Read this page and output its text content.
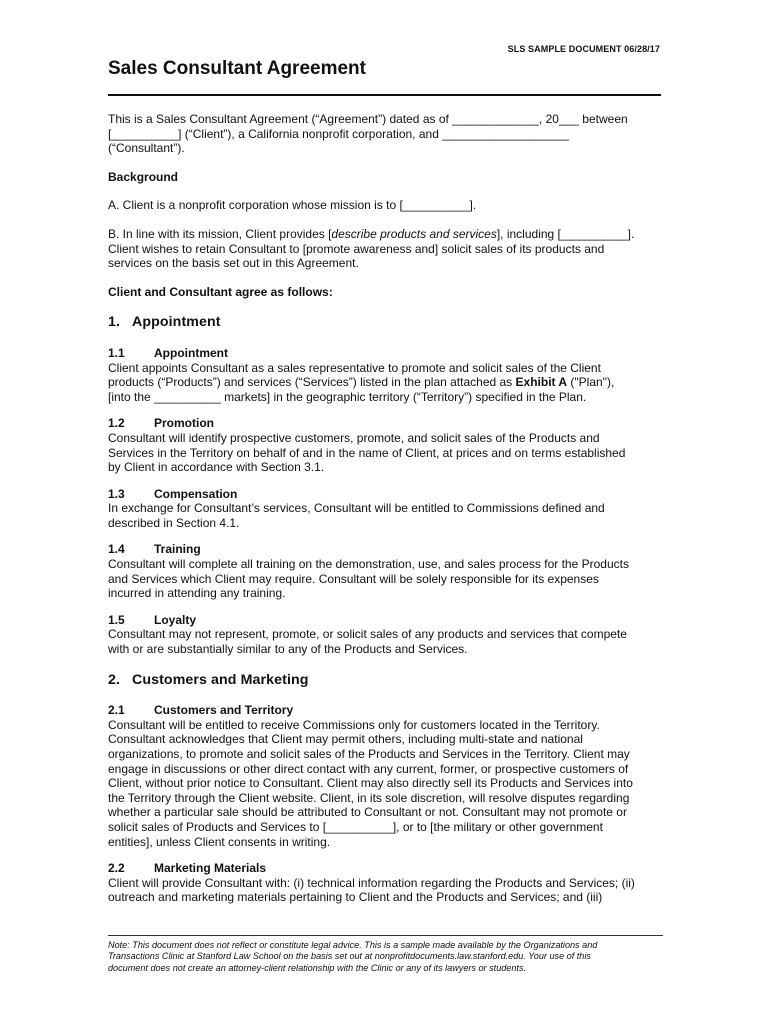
SLS SAMPLE DOCUMENT 06/28/17
Sales Consultant Agreement

This is a Sales Consultant Agreement (“Agreement”) dated as of _____________, 20___ between

[__________] (“Client”), a California nonprofit corporation, and ___________________

(“Consultant”).

Background

A. Client is a nonprofit corporation whose mission is to [__________].

B. In line with its mission, Client provides [describe products and services], including [__________].

Client wishes to retain Consultant to [promote awareness and] solicit sales of its products and

services on the basis set out in this Agreement.

Client and Consultant agree as follows:

1. Appointment

1.1 Appointment

Client appoints Consultant as a sales representative to promote and solicit sales of the Client

products (“Products”) and services (“Services”) listed in the plan attached as Exhibit A ("Plan"),

[into the __________ markets] in the geographic territory (“Territory”) specified in the Plan.

1.2 Promotion

Consultant will identify prospective customers, promote, and solicit sales of the Products and

Services in the Territory on behalf of and in the name of Client, at prices and on terms established

by Client in accordance with Section 3.1.

1.3 Compensation

In exchange for Consultant’s services, Consultant will be entitled to Commissions defined and

described in Section 4.1.

1.4 Training

Consultant will complete all training on the demonstration, use, and sales process for the Products

and Services which Client may require. Consultant will be solely responsible for its expenses

incurred in attending any training.

1.5 Loyalty

Consultant may not represent, promote, or solicit sales of any products and services that compete

with or are substantially similar to any of the Products and Services.

2. Customers and Marketing

2.1 Customers and Territory

Consultant will be entitled to receive Commissions only for customers located in the Territory.

Consultant acknowledges that Client may permit others, including multi-state and national

organizations, to promote and solicit sales of the Products and Services in the Territory. Client may

engage in discussions or other direct contact with any current, former, or prospective customers of

Client, without prior notice to Consultant. Client may also directly sell its Products and Services into

the Territory through the Client website. Client, in its sole discretion, will resolve disputes regarding

whether a particular sale should be attributed to Consultant or not. Consultant may not promote or

solicit sales of Products and Services to [__________], or to [the military or other government

entities], unless Client consents in writing.

2.2 Marketing Materials

Client will provide Consultant with: (i) technical information regarding the Products and Services; (ii)

outreach and marketing materials pertaining to Client and the Products and Services; and (iii)

Note: This document does not reflect or constitute legal advice. This is a sample made available by the Organizations and
Transactions Clinic at Stanford Law School on the basis set out at nonprofitdocuments.law.stanford.edu. Your use of this
document does not create an attorney-client relationship with the Clinic or any of its lawyers or students.
